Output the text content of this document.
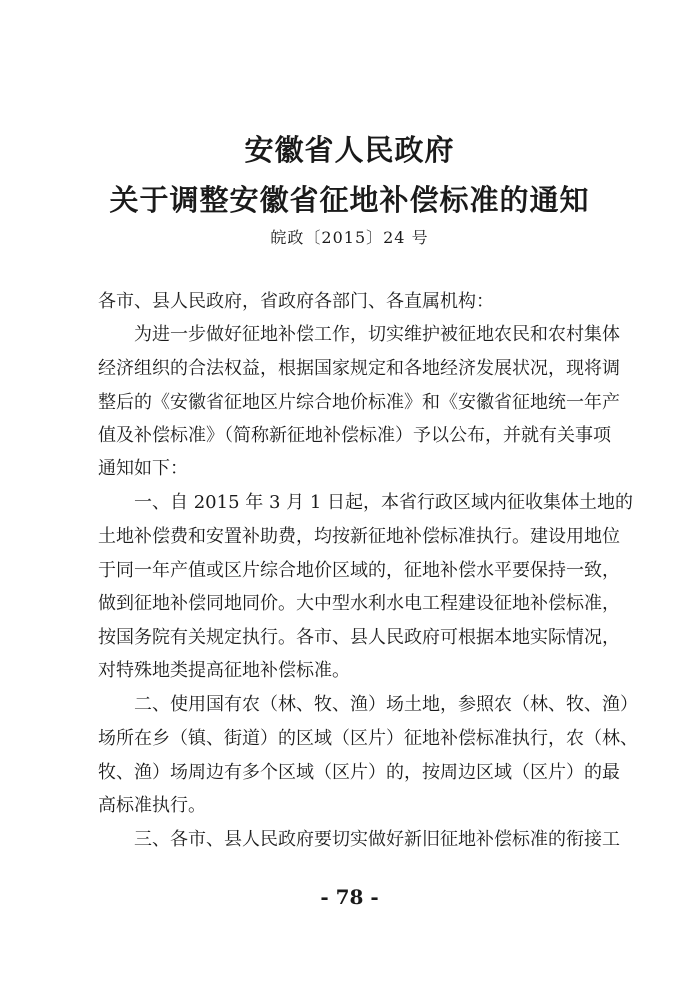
安徽省人民政府
关于调整安徽省征地补偿标准的通知
皖政〔2015〕24 号
各市、县人民政府，省政府各部门、各直属机构：
为进一步做好征地补偿工作，切实维护被征地农民和农村集体
经济组织的合法权益，根据国家规定和各地经济发展状况，现将调
整后的《安徽省征地区片综合地价标准》和《安徽省征地统一年产
值及补偿标准》（简称新征地补偿标准）予以公布，并就有关事项
通知如下：
一、自 2015 年 3 月 1 日起，本省行政区域内征收集体土地的
土地补偿费和安置补助费，均按新征地补偿标准执行。建设用地位
于同一年产值或区片综合地价区域的，征地补偿水平要保持一致，
做到征地补偿同地同价。大中型水利水电工程建设征地补偿标准，
按国务院有关规定执行。各市、县人民政府可根据本地实际情况，
对特殊地类提高征地补偿标准。
二、使用国有农（林、牧、渔）场土地，参照农（林、牧、渔）
场所在乡（镇、街道）的区域（区片）征地补偿标准执行，农（林、
牧、渔）场周边有多个区域（区片）的，按周边区域（区片）的最
高标准执行。
三、各市、县人民政府要切实做好新旧征地补偿标准的衔接工
- 78 -
